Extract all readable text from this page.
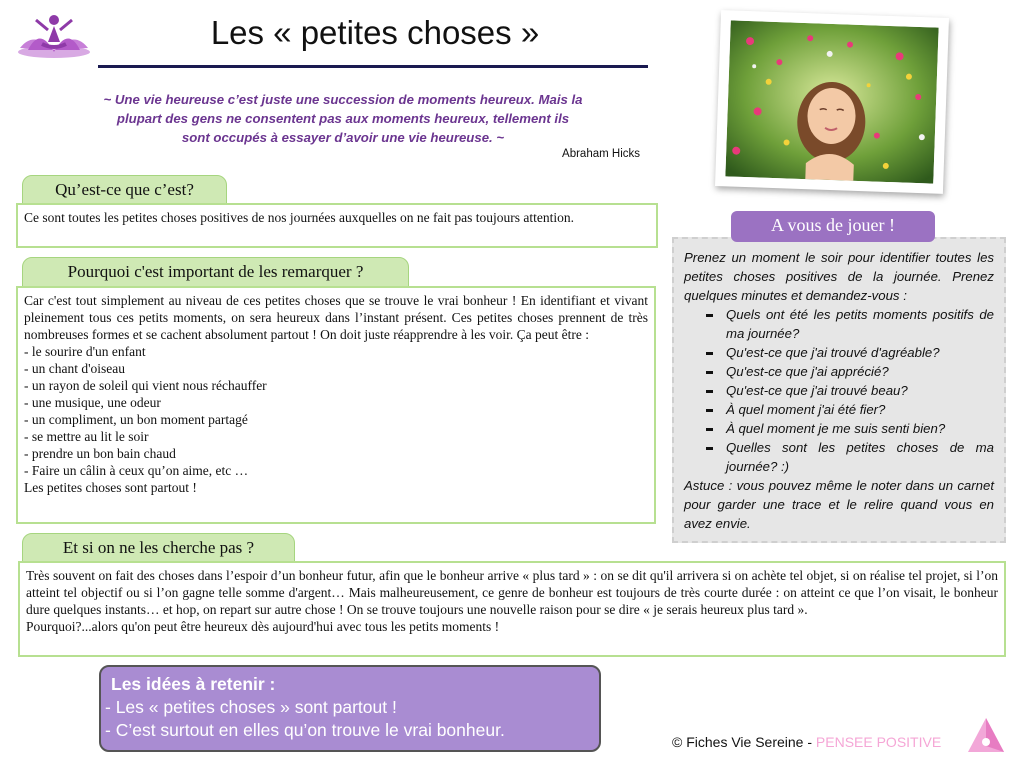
Les « petites choses »
~ Une vie heureuse c’est juste une succession de moments heureux. Mais la
plupart des gens ne consentent pas aux moments heureux, tellement ils
sont occupés à essayer d’avoir une vie heureuse. ~
Abraham Hicks
Qu’est-ce que c’est?
Ce sont toutes les petites choses positives de nos journées auxquelles on ne fait pas toujours attention.
Pourquoi c'est important de les remarquer ?
Car c'est tout simplement au niveau de ces petites choses que se trouve le vrai bonheur ! En identifiant et vivant pleinement tous ces petits moments, on sera heureux dans l’instant présent. Ces petites choses prennent de très nombreuses formes et se cachent absolument partout ! On doit juste réapprendre à les voir. Ça peut être :
- le sourire d'un enfant
- un chant d'oiseau
- un rayon de soleil qui vient nous réchauffer
- une musique, une odeur
- un compliment, un bon moment partagé
- se mettre au lit le soir
- prendre un bon bain chaud
- Faire un câlin à ceux qu’on aime, etc …
Les petites choses sont partout !
Prenez un moment le soir pour identifier toutes les petites choses positives de la journée. Prenez quelques minutes et demandez-vous :
Quels ont été les petits moments positifs de ma journée?
Qu'est-ce que j'ai trouvé d'agréable?
Qu'est-ce que j'ai apprécié?
Qu'est-ce que j'ai trouvé beau?
À quel moment j'ai été fier?
À quel moment je me suis senti bien?
Quelles sont les petites choses de ma journée? :)
Astuce : vous pouvez même le noter dans un carnet pour garder une trace et le relire quand vous en avez envie.
A vous de jouer !
Et si on ne les cherche pas ?
Très souvent on fait des choses dans l’espoir d’un bonheur futur, afin que le bonheur arrive « plus tard » : on se dit qu'il arrivera si on achète tel objet, si on réalise tel projet, si l’on atteint tel objectif ou si l’on gagne telle somme d'argent… Mais malheureusement, ce genre de bonheur est toujours de très courte durée : on atteint ce que l’on visait, le bonheur dure quelques instants… et hop, on repart sur autre chose ! On se trouve toujours une nouvelle raison pour se dire « je serais heureux plus tard ».
Pourquoi?...alors qu'on peut être heureux dès aujourd'hui avec tous les petits moments !
Les idées à retenir :
- Les « petites choses » sont partout !
- C’est surtout en elles qu’on trouve le vrai bonheur.
© Fiches Vie Sereine - PENSEE POSITIVE
